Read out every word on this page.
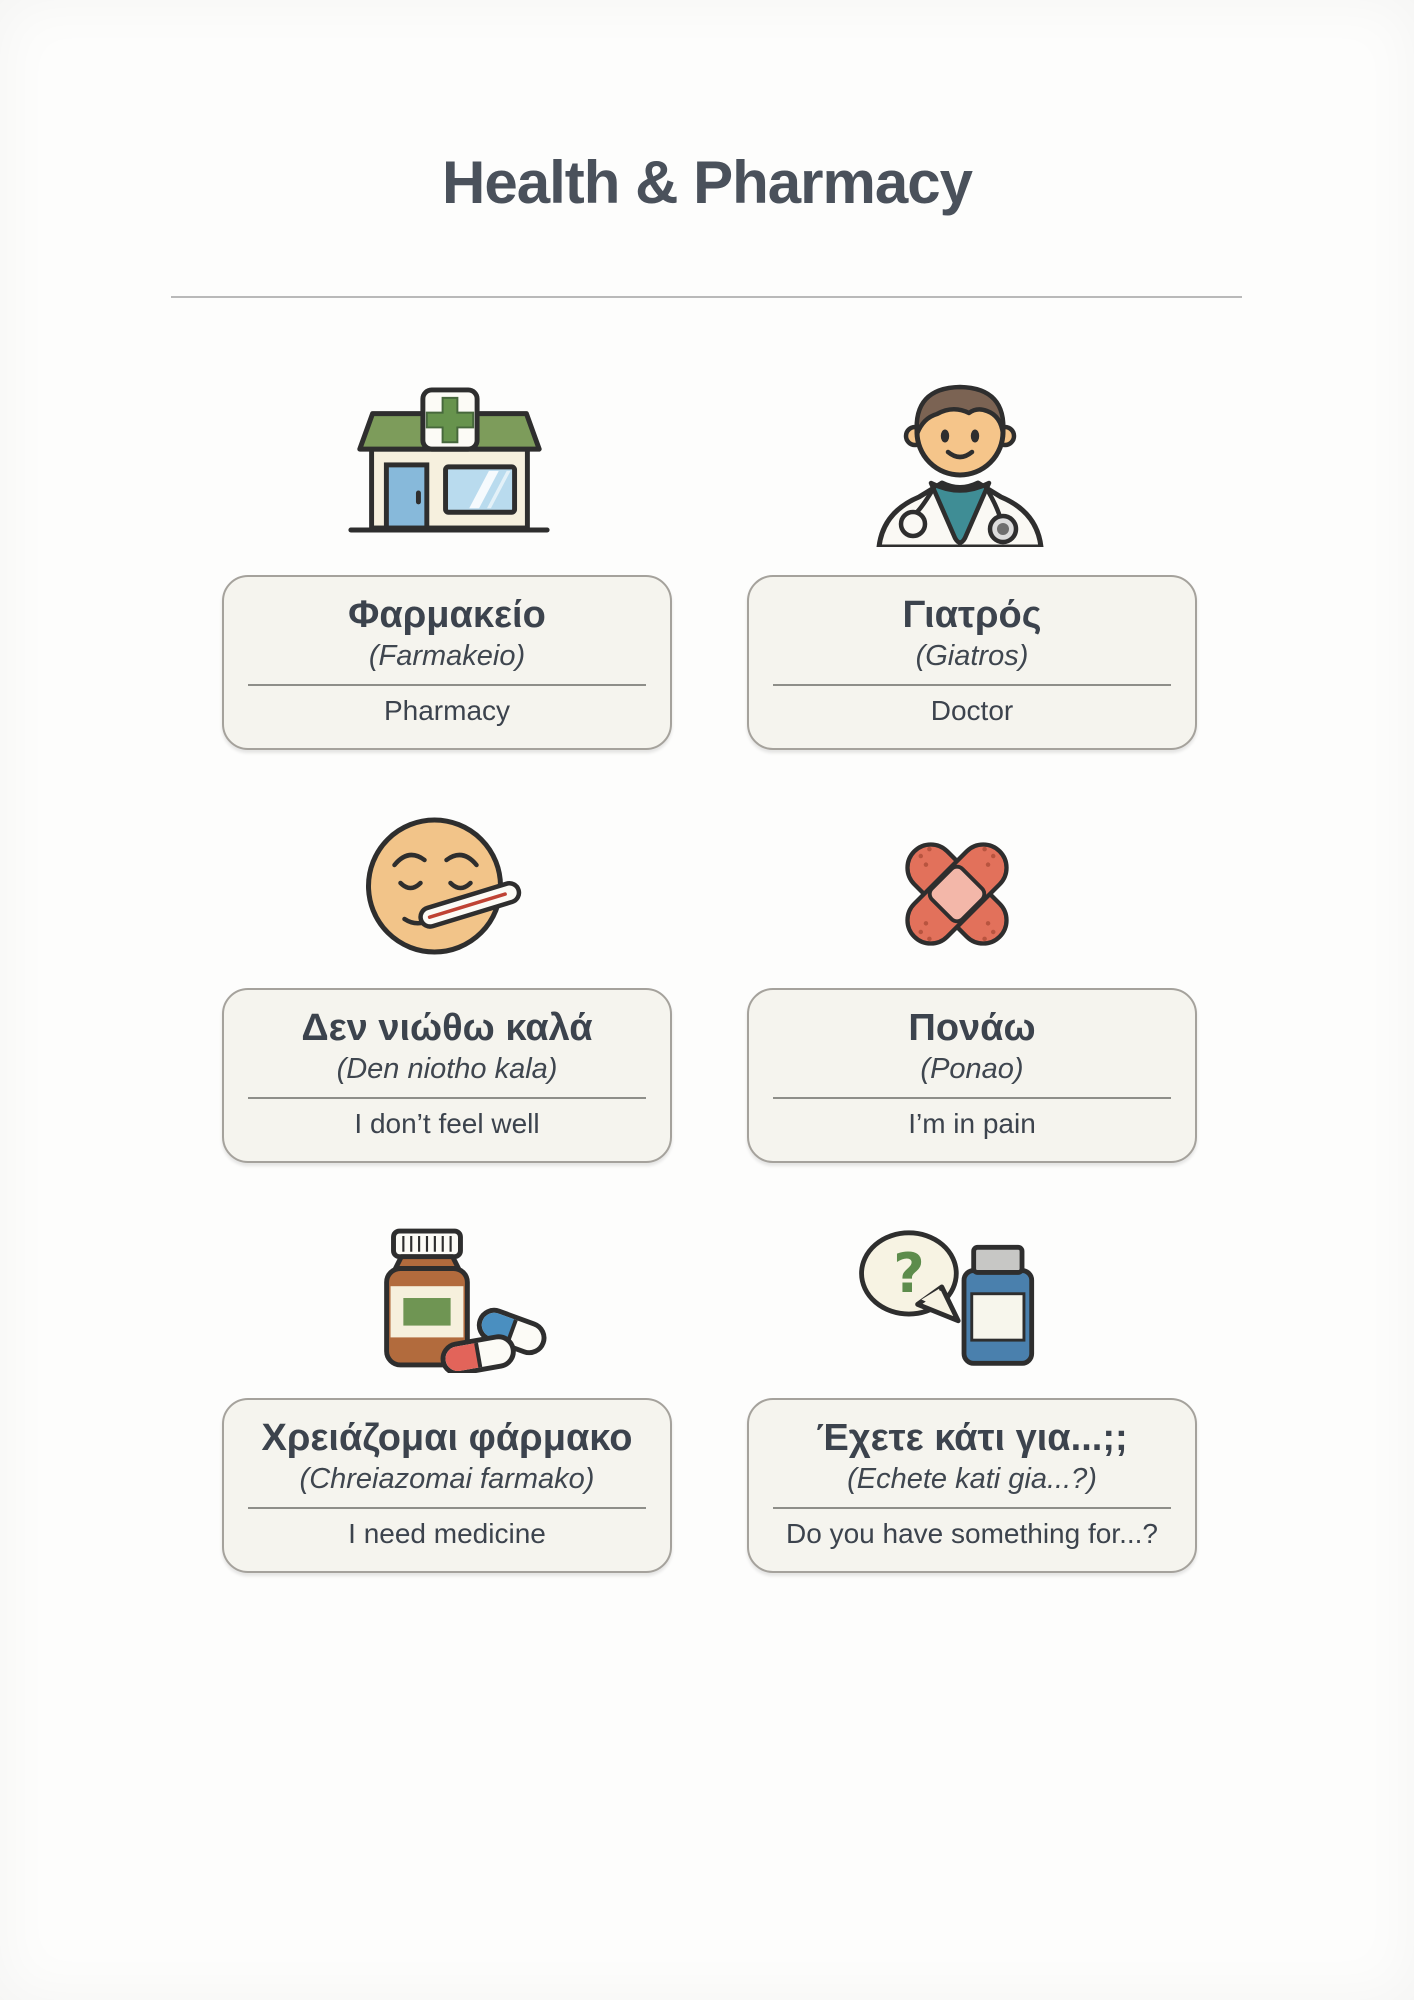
Health & Pharmacy
?
Φαρμακείο

(Farmakeio)

Pharmacy

Γιατρός

(Giatros)

Doctor

Δεν νιώθω καλά

(Den niotho kala)

I don’t feel well

Πονάω

(Ponao)

I’m in pain

Χρειάζομαι φάρμακο

(Chreiazomai farmako)

I need medicine

Έχετε κάτι για...;;

(Echete kati gia...?)

Do you have something for...?
